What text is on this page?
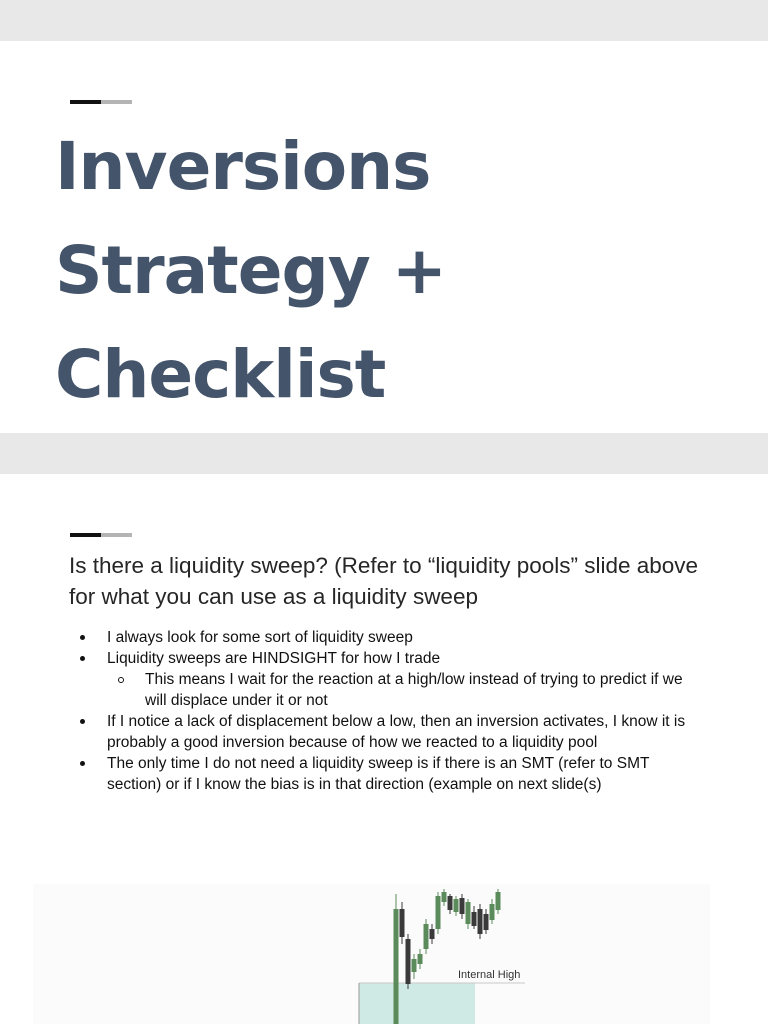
Inversions
Strategy +
Checklist
Is there a liquidity sweep? (Refer to “liquidity pools” slide above for what you can use as a liquidity sweep
I always look for some sort of liquidity sweep
Liquidity sweeps are HINDSIGHT for how I trade
This means I wait for the reaction at a high/low instead of trying to predict if we will displace under it or not
If I notice a lack of displacement below a low, then an inversion activates, I know it is probably a good inversion because of how we reacted to a liquidity pool
The only time I do not need a liquidity sweep is if there is an SMT (refer to SMT section) or if I know the bias is in that direction (example on next slide(s)
Internal High
